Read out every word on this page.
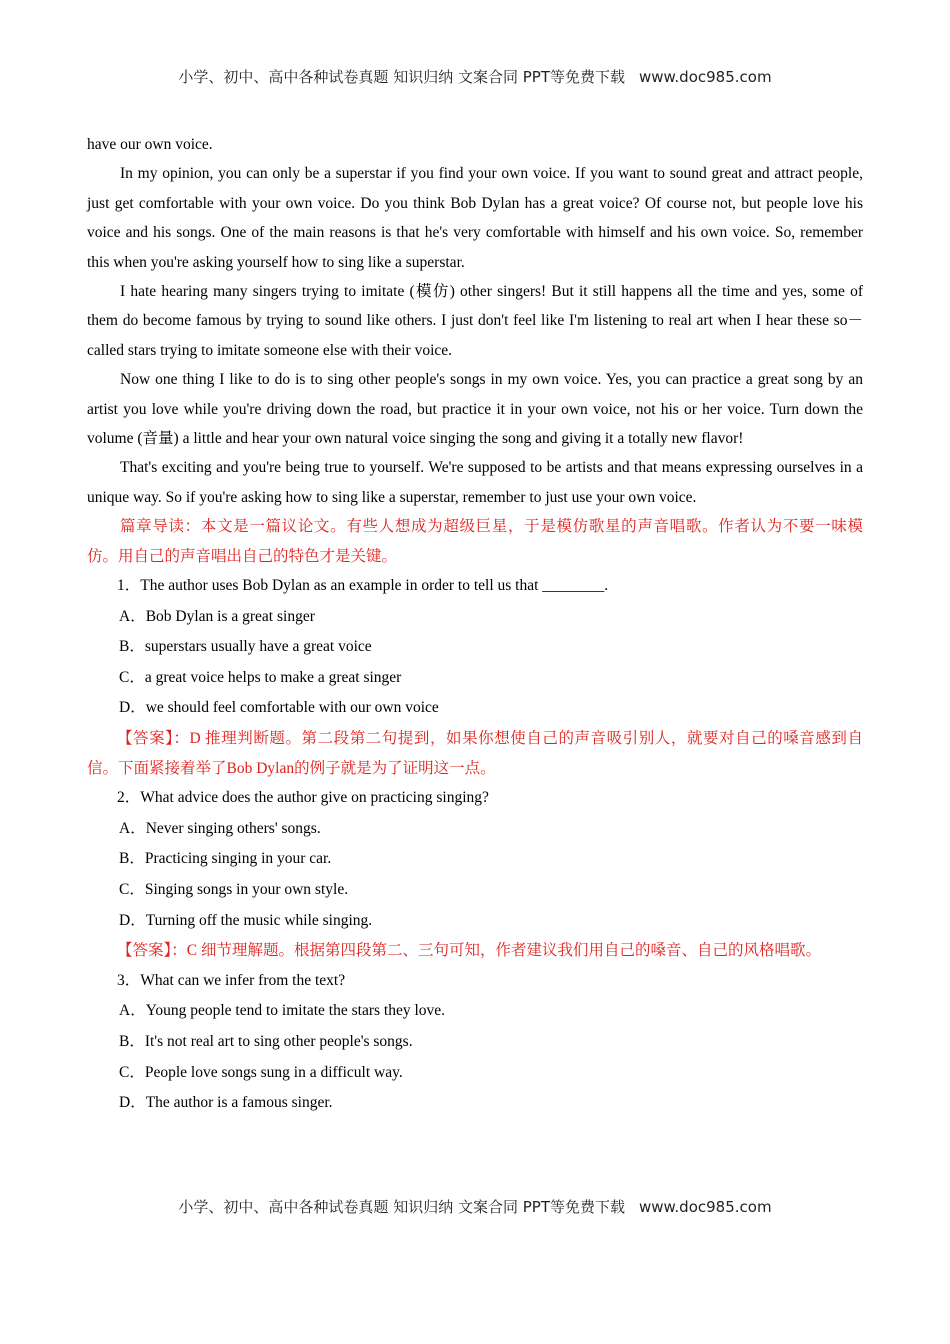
小学、初中、高中各种试卷真题 知识归纳 文案合同 PPT等免费下载 www.doc985.com

have our own voice.

In my opinion, you can only be a superstar if you find your own voice. If you want to sound great and attract people, just get comfortable with your own voice. Do you think Bob Dylan has a great voice? Of course not, but people love his voice and his songs. One of the main reasons is that he's very comfortable with himself and his own voice. So, remember this when you're asking yourself how to sing like a superstar.

I hate hearing many singers trying to imitate (模仿) other singers! But it still happens all the time and yes, some of them do become famous by trying to sound like others. I just don't feel like I'm listening to real art when I hear these so－called stars trying to imitate someone else with their voice.

Now one thing I like to do is to sing other people's songs in my own voice. Yes, you can practice a great song by an artist you love while you're driving down the road, but practice it in your own voice, not his or her voice. Turn down the volume (音量) a little and hear your own natural voice singing the song and giving it a totally new flavor!

That's exciting and you're being true to yourself. We're supposed to be artists and that means expressing ourselves in a unique way. So if you're asking how to sing like a superstar, remember to just use your own voice.

篇章导读：本文是一篇议论文。有些人想成为超级巨星，于是模仿歌星的声音唱歌。作者认为不要一味模仿。用自己的声音唱出自己的特色才是关键。

1．The author uses Bob Dylan as an example in order to tell us that ________.

A．Bob Dylan is a great singer

B．superstars usually have a great voice

C．a great voice helps to make a great singer

D．we should feel comfortable with our own voice

【答案】：D 推理判断题。第二段第二句提到，如果你想使自己的声音吸引别人，就要对自己的嗓音感到自信。下面紧接着举了Bob Dylan的例子就是为了证明这一点。

2．What advice does the author give on practicing singing?

A．Never singing others' songs.

B．Practicing singing in your car.

C．Singing songs in your own style.

D．Turning off the music while singing.

【答案】：C 细节理解题。根据第四段第二、三句可知，作者建议我们用自己的嗓音、自己的风格唱歌。

3．What can we infer from the text?

A．Young people tend to imitate the stars they love.

B．It's not real art to sing other people's songs.

C．People love songs sung in a difficult way.

D．The author is a famous singer.

小学、初中、高中各种试卷真题 知识归纳 文案合同 PPT等免费下载 www.doc985.com
